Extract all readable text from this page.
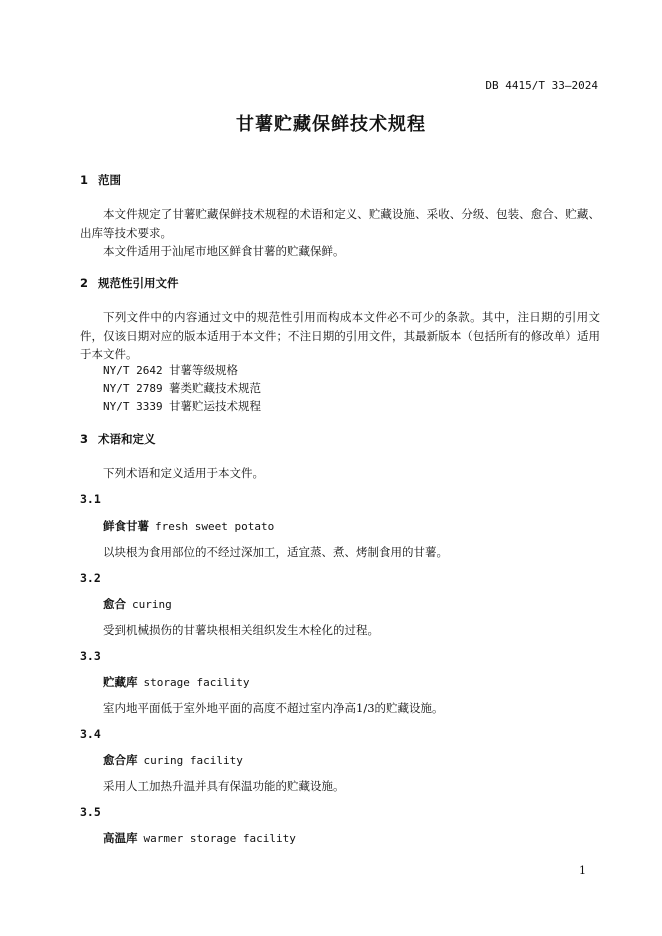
DB 4415/T 33—2024
甘薯贮藏保鲜技术规程
1 范围
本文件规定了甘薯贮藏保鲜技术规程的术语和定义、贮藏设施、采收、分级、包装、愈合、贮藏、出库等技术要求。
本文件适用于汕尾市地区鲜食甘薯的贮藏保鲜。
2 规范性引用文件
下列文件中的内容通过文中的规范性引用而构成本文件必不可少的条款。其中，注日期的引用文件，仅该日期对应的版本适用于本文件；不注日期的引用文件，其最新版本（包括所有的修改单）适用于本文件。
NY/T 2642 甘薯等级规格
NY/T 2789 薯类贮藏技术规范
NY/T 3339 甘薯贮运技术规程
3 术语和定义
下列术语和定义适用于本文件。
3.1
鲜食甘薯 fresh sweet potato
以块根为食用部位的不经过深加工，适宜蒸、煮、烤制食用的甘薯。
3.2
愈合 curing
受到机械损伤的甘薯块根相关组织发生木栓化的过程。
3.3
贮藏库 storage facility
室内地平面低于室外地平面的高度不超过室内净高1/3的贮藏设施。
3.4
愈合库 curing facility
采用人工加热升温并具有保温功能的贮藏设施。
3.5
高温库 warmer storage facility
1
